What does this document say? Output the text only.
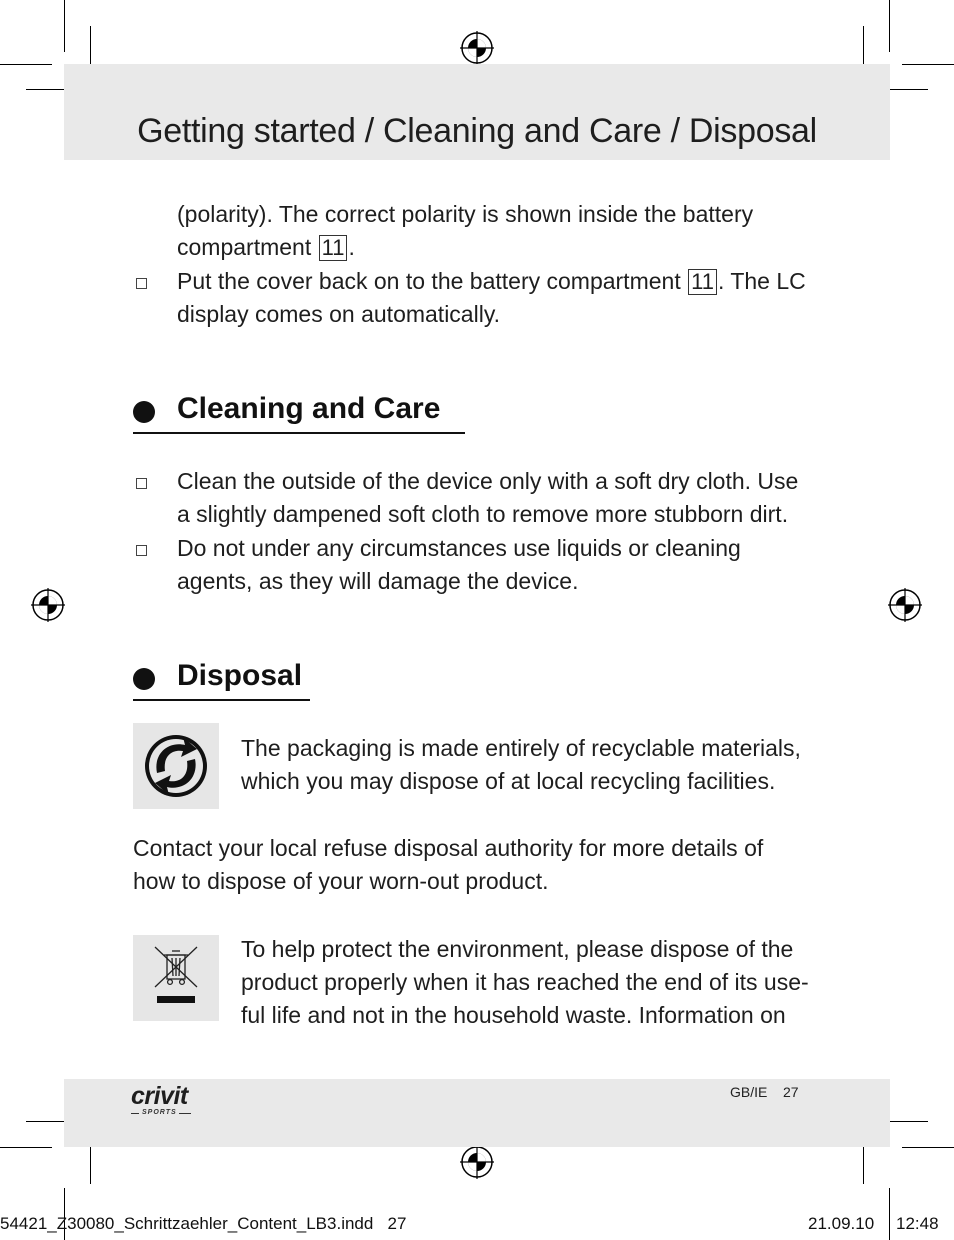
Getting started / Cleaning and Care / Disposal
(polarity). The correct polarity is shown inside the battery
compartment 11 .
Put the cover back on to the battery compartment 11 . The LC
display comes on automatically.
Cleaning and Care
Clean the outside of the device only with a soft dry cloth. Use
a slightly dampened soft cloth to remove more stubborn dirt.
Do not under any circumstances use liquids or cleaning
agents, as they will damage the device.
Disposal
The packaging is made entirely of recyclable materials,
which you may dispose of at local recycling facilities.
Contact your local refuse disposal authority for more details of
how to dispose of your worn-out product.
To help protect the environment, please dispose of the
product properly when it has reached the end of its use-
ful life and not in the household waste. Information on
crivit
SPORTS
GB/IE 27
54421_Z30080_Schrittzaehler_Content_LB3.indd   27	21.09.10 12:48
